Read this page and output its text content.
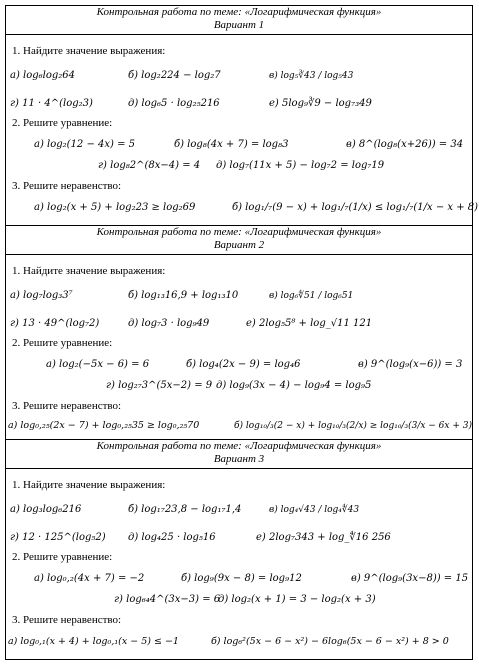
Контрольная работа по теме: «Логарифмическая функция»
Вариант 1
1. Найдите значение выражения:
а) log₆log₂64	б) log₂224 − log₂7	в) log₅∛43 / log₅43
г) 11 · 4^(log₂3)	д) log₆5 · log₂₅216	е) 5log₉∛9 − log₇₃49
2. Решите уравнение:
а) log₂(12 − 4x) = 5	б) log₈(4x + 7) = log₈3	в) 8^(log₈(x+26)) = 34
г) log₈2^(8x−4) = 4 д) log₇(11x + 5) − log₇2 = log₇19
3. Решите неравенство:
а) log₂(x + 5) + log₂23 ≥ log₂69	б) log₁/₇(9 − x) + log₁/₇(1/x) ≤ log₁/₇(1/x − x + 8)
Контрольная работа по теме: «Логарифмическая функция»
Вариант 2
1. Найдите значение выражения:
а) log₇log₃3⁷	б) log₁₃16,9 + log₁₃10	в) log₆∜51 / log₆51
г) 13 · 49^(log₇2)	д) log₇3 · log₉49	е) 2log₅5⁸ + log_√11 121
2. Решите уравнение:
а) log₂(−5x − 6) = 6	б) log₄(2x − 9) = log₄6	в) 9^(log₉(x−6)) = 3
г) log₂₇3^(5x−2) = 9 д) log₉(3x − 4) − log₉4 = log₉5
3. Решите неравенство:
а) log₀,₂₅(2x − 7) + log₀,₂₅35 ≥ log₀,₂₅70	б) log₁₀/₃(2 − x) + log₁₀/₃(2/x) ≥ log₁₀/₃(3/x − 6x + 3)
Контрольная работа по теме: «Логарифмическая функция»
Вариант 3
1. Найдите значение выражения:
а) log₃log₆216	б) log₁₇23,8 − log₁₇1,4	в) log₄√43 / log₄∜43
г) 12 · 125^(log₅2) д) log₄25 · log₅16	е) 2log₇343 + log_∜16 256
2. Решите уравнение:
а) log₀,₂(4x + 7) = −2	б) log₉(9x − 8) = log₉12	в) 9^(log₉(3x−8)) = 15
г) log₆₄4^(3x−3) = 6
д) log₂(x + 1) = 3 − log₂(x + 3)
3. Решите неравенство:
а) log₀,₁(x + 4) + log₀,₁(x − 5) ≤ −1	б) log₆²(5x − 6 − x²) − 6log₆(5x − 6 − x²) + 8 > 0
